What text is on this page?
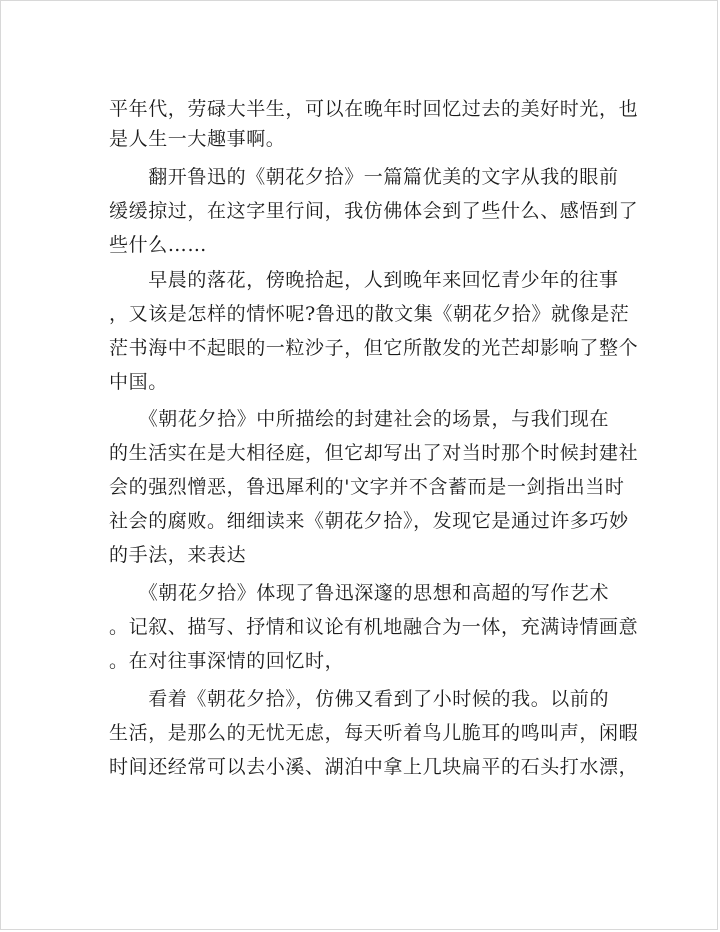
平年代，劳碌大半生，可以在晚年时回忆过去的美好时光，也
是人生一大趣事啊。
　　翻开鲁迅的《朝花夕拾》一篇篇优美的文字从我的眼前
缓缓掠过，在这字里行间，我仿佛体会到了些什么、感悟到了
些什么……
　　早晨的落花，傍晚拾起，人到晚年来回忆青少年的往事
，又该是怎样的情怀呢?鲁迅的散文集《朝花夕拾》就像是茫
茫书海中不起眼的一粒沙子，但它所散发的光芒却影响了整个
中国。
　　《朝花夕拾》中所描绘的封建社会的场景，与我们现在
的生活实在是大相径庭，但它却写出了对当时那个时候封建社
会的强烈憎恶，鲁迅犀利的'文字并不含蓄而是一剑指出当时
社会的腐败。细细读来《朝花夕拾》，发现它是通过许多巧妙
的手法，来表达
　　《朝花夕拾》体现了鲁迅深邃的思想和高超的写作艺术
。记叙、描写、抒情和议论有机地融合为一体，充满诗情画意
。在对往事深情的回忆时，
　　看着《朝花夕拾》，仿佛又看到了小时候的我。以前的
生活，是那么的无忧无虑，每天听着鸟儿脆耳的鸣叫声，闲暇
时间还经常可以去小溪、湖泊中拿上几块扁平的石头打水漂，
